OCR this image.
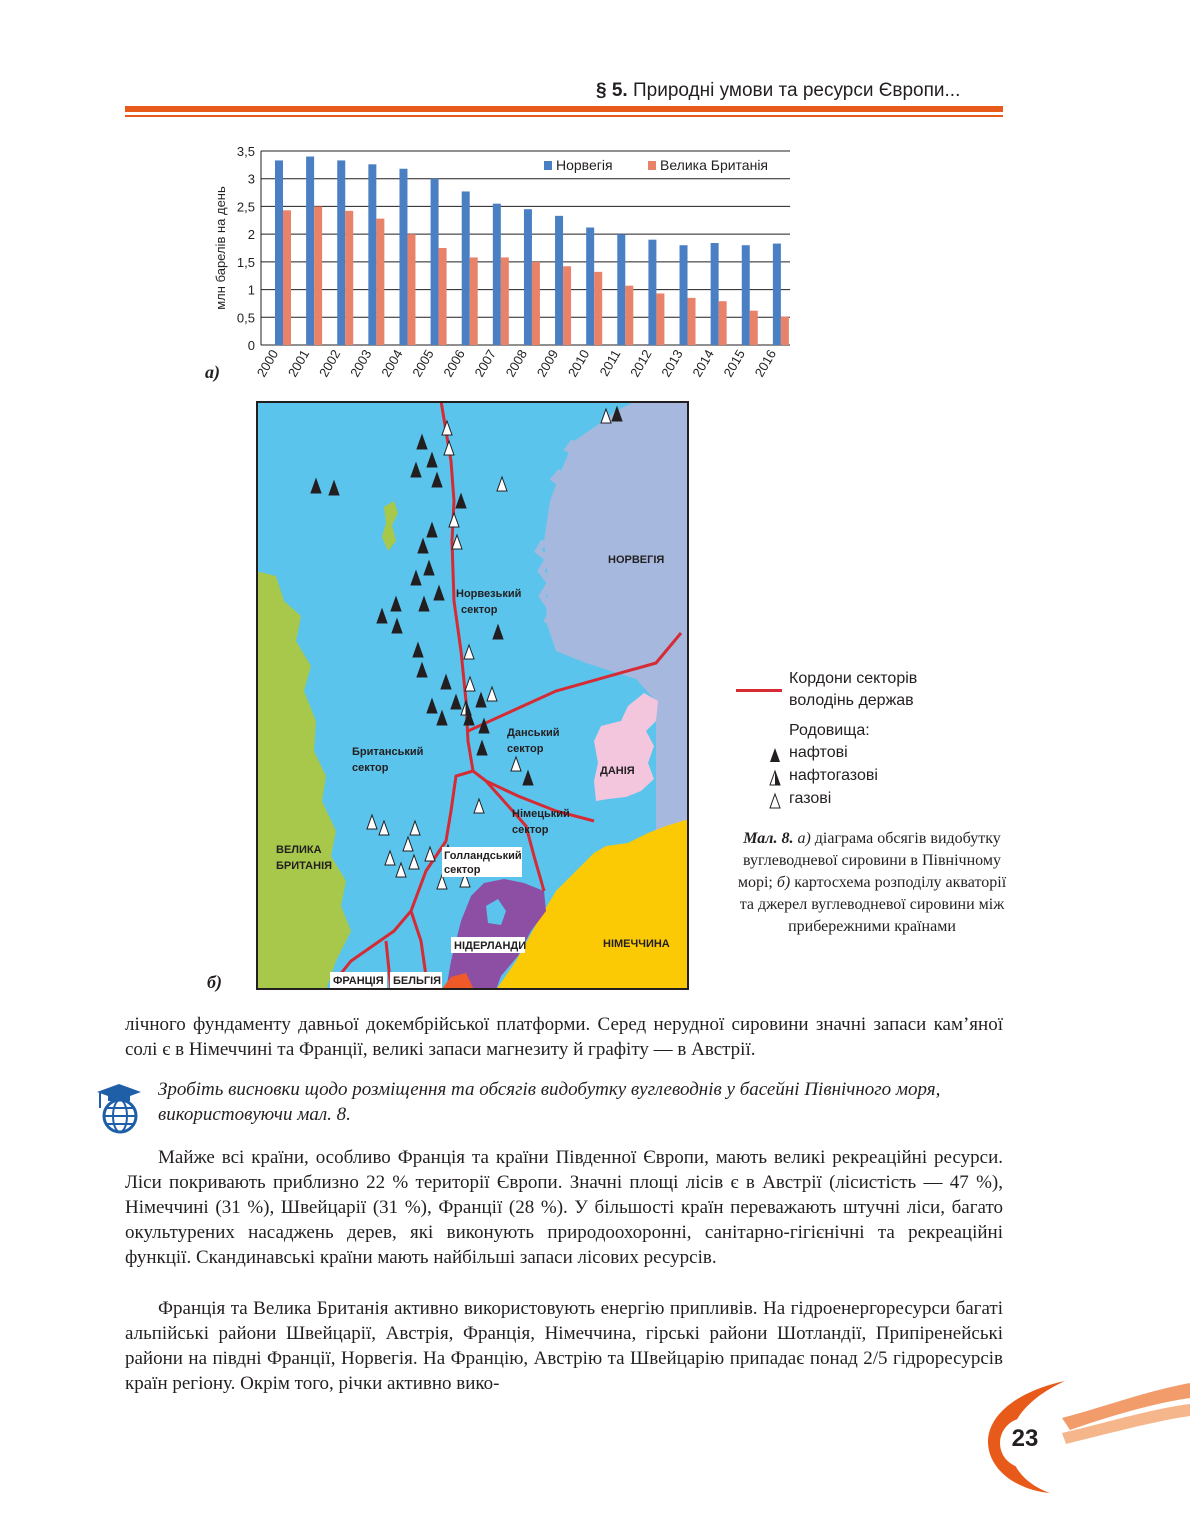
§ 5. Природні умови та ресурси Європи...
0
0,5
1
1,5
2
2,5
3
3,5
млн барелів на день
2000 2001 2002 2003 2004 2005 2006 2007 2008 2009 2010 2011 2012 2013 2014 2015 2016
Норвегія	Велика Британія
а)
НОРВЕГІЯ
Норвезький
сектор
Данський
сектор
ДАНІЯ
Британський
сектор
Німецький
сектор
Голландський
сектор
ВЕЛИКА
БРИТАНІЯ
НІДЕРЛАНДИ	НІМЕЧЧИНА
ФРАНЦІЯ БЕЛЬГІЯ
б)
Кордони секторів
володінь держав
Родовища:
нафтові
нафтогазові
газові
Мал. 8. а) діаграма обсягів видобутку вуглеводневої сировини в Північному морі; б) картосхема розподілу акваторії та джерел вуглеводневої сировини між прибережними країнами
лічного фундаменту давньої докембрійської платформи. Серед нерудної сировини значні запаси кам’яної солі є в Німеччині та Франції, великі запаси магнезиту й графіту — в Австрії.
Зробіть висновки щодо розміщення та обсягів видобутку вуглеводнів у басейні Північного моря, використовуючи мал. 8.
Майже всі країни, особливо Франція та країни Південної Європи, мають великі рекреаційні ресурси. Ліси покривають приблизно 22 % території Європи. Значні площі лісів є в Австрії (лісистість — 47 %), Німеччині (31 %), Швейцарії (31 %), Франції (28 %). У більшості країн переважають штучні ліси, багато окультурених насаджень дерев, які виконують природоохоронні, санітарно-гігієнічні та рекреаційні функції. Скандинавські країни мають найбільші запаси лісових ресурсів.
Франція та Велика Британія активно використовують енергію припливів. На гідроенергоресурси багаті альпійські райони Швейцарії, Австрія, Франція, Німеччина, гірські райони Шотландії, Припіренейські райони на півдні Франції, Норвегія. На Францію, Австрію та Швейцарію припадає понад 2/5 гідроресурсів країн регіону. Окрім того, річки активно вико-
23
